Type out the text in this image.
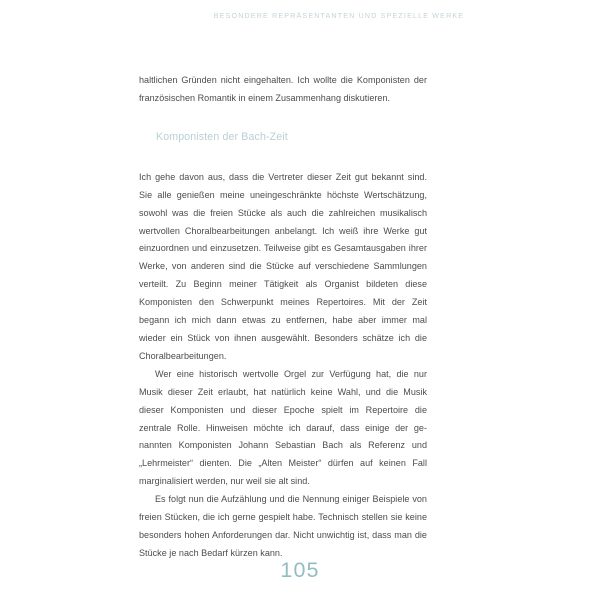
BESONDERE REPRÄSENTANTEN UND SPEZIELLE WERKE

haltlichen Gründen nicht eingehalten. Ich wollte die Komponisten der französischen Romantik in einem Zusammenhang diskutieren.

Komponisten der Bach-Zeit

Ich gehe davon aus, dass die Vertreter dieser Zeit gut bekannt sind. Sie alle genießen meine uneingeschränkte höchste Wertschätzung, sowohl was die freien Stücke als auch die zahlreichen musikalisch wertvollen Choralbearbeitungen anbelangt. Ich weiß ihre Werke gut einzuordnen und einzusetzen. Teilweise gibt es Gesamtausgaben ihrer Werke, von anderen sind die Stücke auf verschiedene Sammlungen verteilt. Zu Beginn meiner Tätigkeit als Organist bildeten diese Komponisten den Schwerpunkt meines Repertoires. Mit der Zeit begann ich mich dann etwas zu entfernen, habe aber immer mal wieder ein Stück von ihnen ausgewählt. Besonders schätze ich die Choralbearbeitungen.

Wer eine historisch wertvolle Orgel zur Verfügung hat, die nur Musik dieser Zeit erlaubt, hat natürlich keine Wahl, und die Musik dieser Komponisten und dieser Epoche spielt im Repertoire die zentrale Rolle. Hinweisen möchte ich darauf, dass einige der genannten Komponisten Johann Sebastian Bach als Referenz und „Lehrmeister“ dienten. Die „Alten Meister“ dürfen auf keinen Fall marginalisiert werden, nur weil sie alt sind.

Es folgt nun die Aufzählung und die Nennung einiger Beispiele von freien Stücken, die ich gerne gespielt habe. Technisch stellen sie keine besonders hohen Anforderungen dar. Nicht unwichtig ist, dass man die Stücke je nach Bedarf kürzen kann.

105
